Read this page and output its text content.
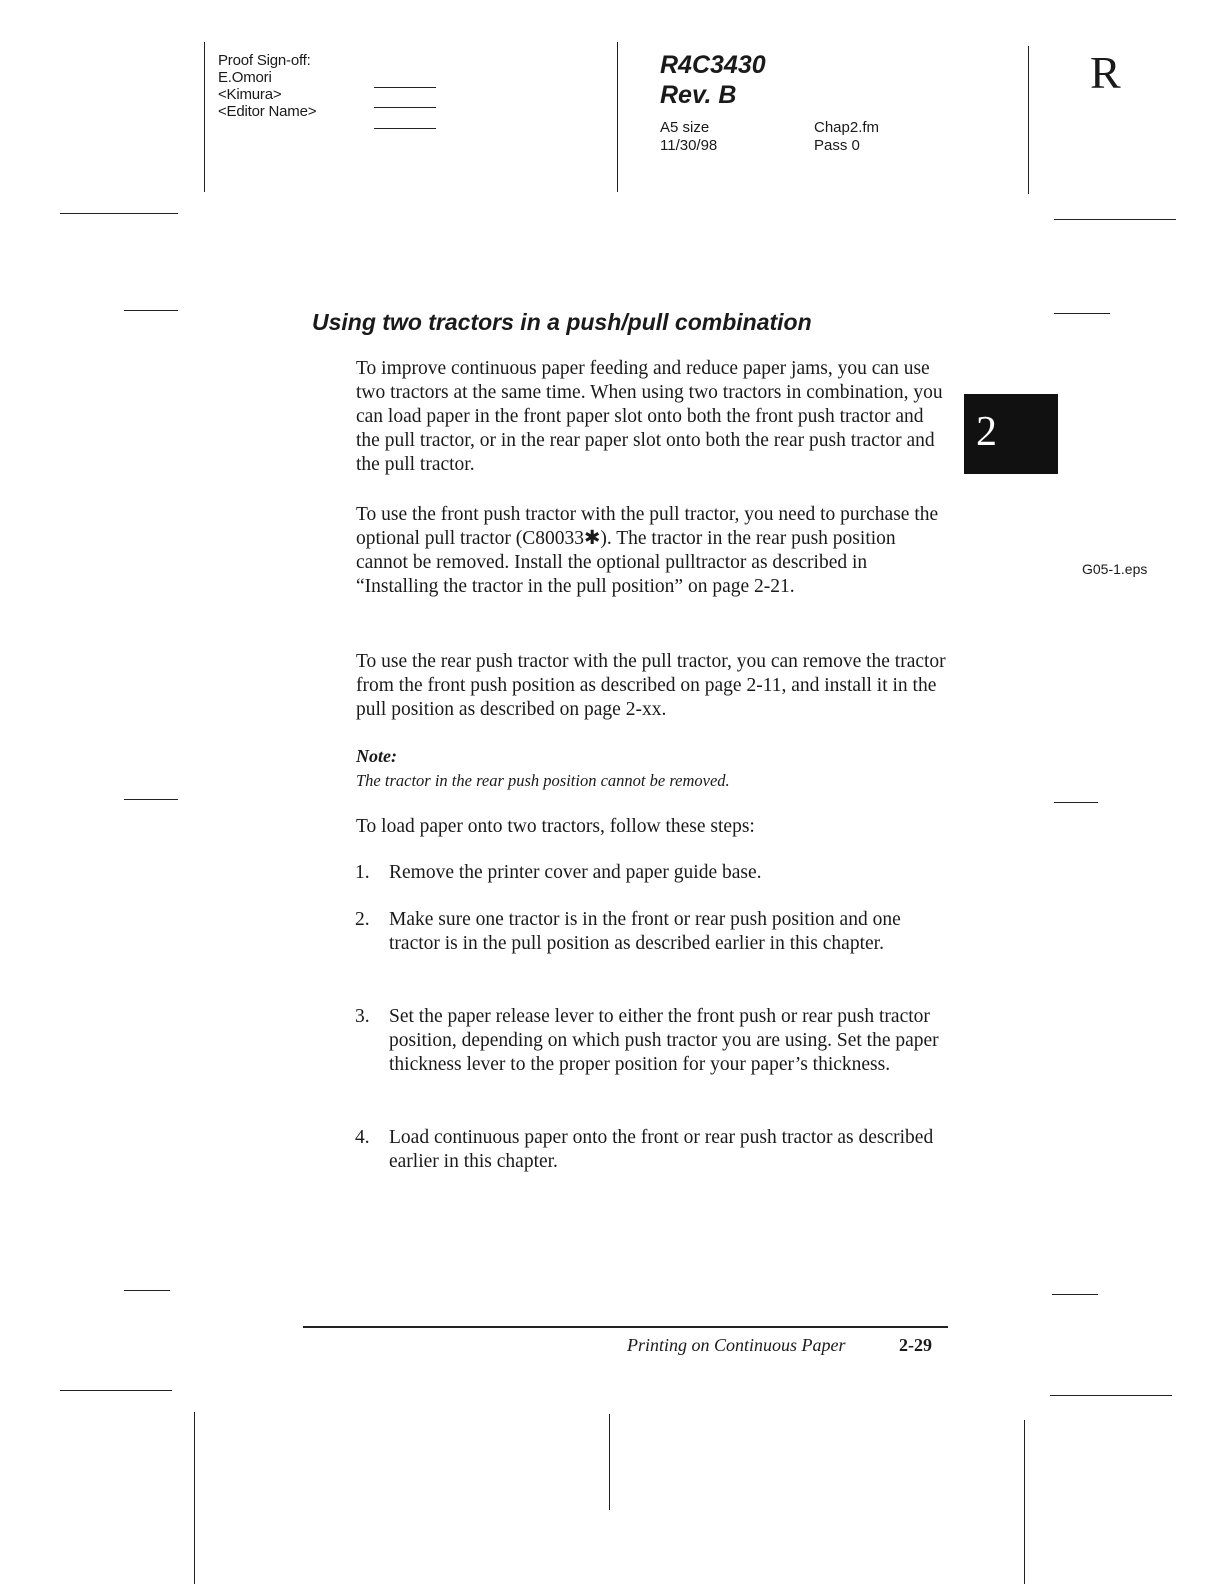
Proof Sign-off:
E.Omori
<Kimura>
<Editor Name>
R4C3430
Rev. B
A5 size
11/30/98
Chap2.fm
Pass 0
R
2
G05-1.eps
Using two tractors in a push/pull combination
To improve continuous paper feeding and reduce paper jams, you can use two tractors at the same time. When using two tractors in combination, you can load paper in the front paper slot onto both the front push tractor and the pull tractor, or in the rear paper slot onto both the rear push tractor and the pull tractor.
To use the front push tractor with the pull tractor, you need to purchase the optional pull tractor (C80033✱). The tractor in the rear push position cannot be removed. Install the optional pulltractor as described in “Installing the tractor in the pull position” on page 2-21.
To use the rear push tractor with the pull tractor, you can remove the tractor from the front push position as described on page 2-11, and install it in the pull position as described on page 2-xx.
Note:
The tractor in the rear push position cannot be removed.
To load paper onto two tractors, follow these steps:
1. Remove the printer cover and paper guide base.
2. Make sure one tractor is in the front or rear push position and one tractor is in the pull position as described earlier in this chapter.
3. Set the paper release lever to either the front push or rear push tractor position, depending on which push tractor you are using. Set the paper thickness lever to the proper position for your paper’s thickness.
4. Load continuous paper onto the front or rear push tractor as described earlier in this chapter.
Printing on Continuous Paper	2-29
